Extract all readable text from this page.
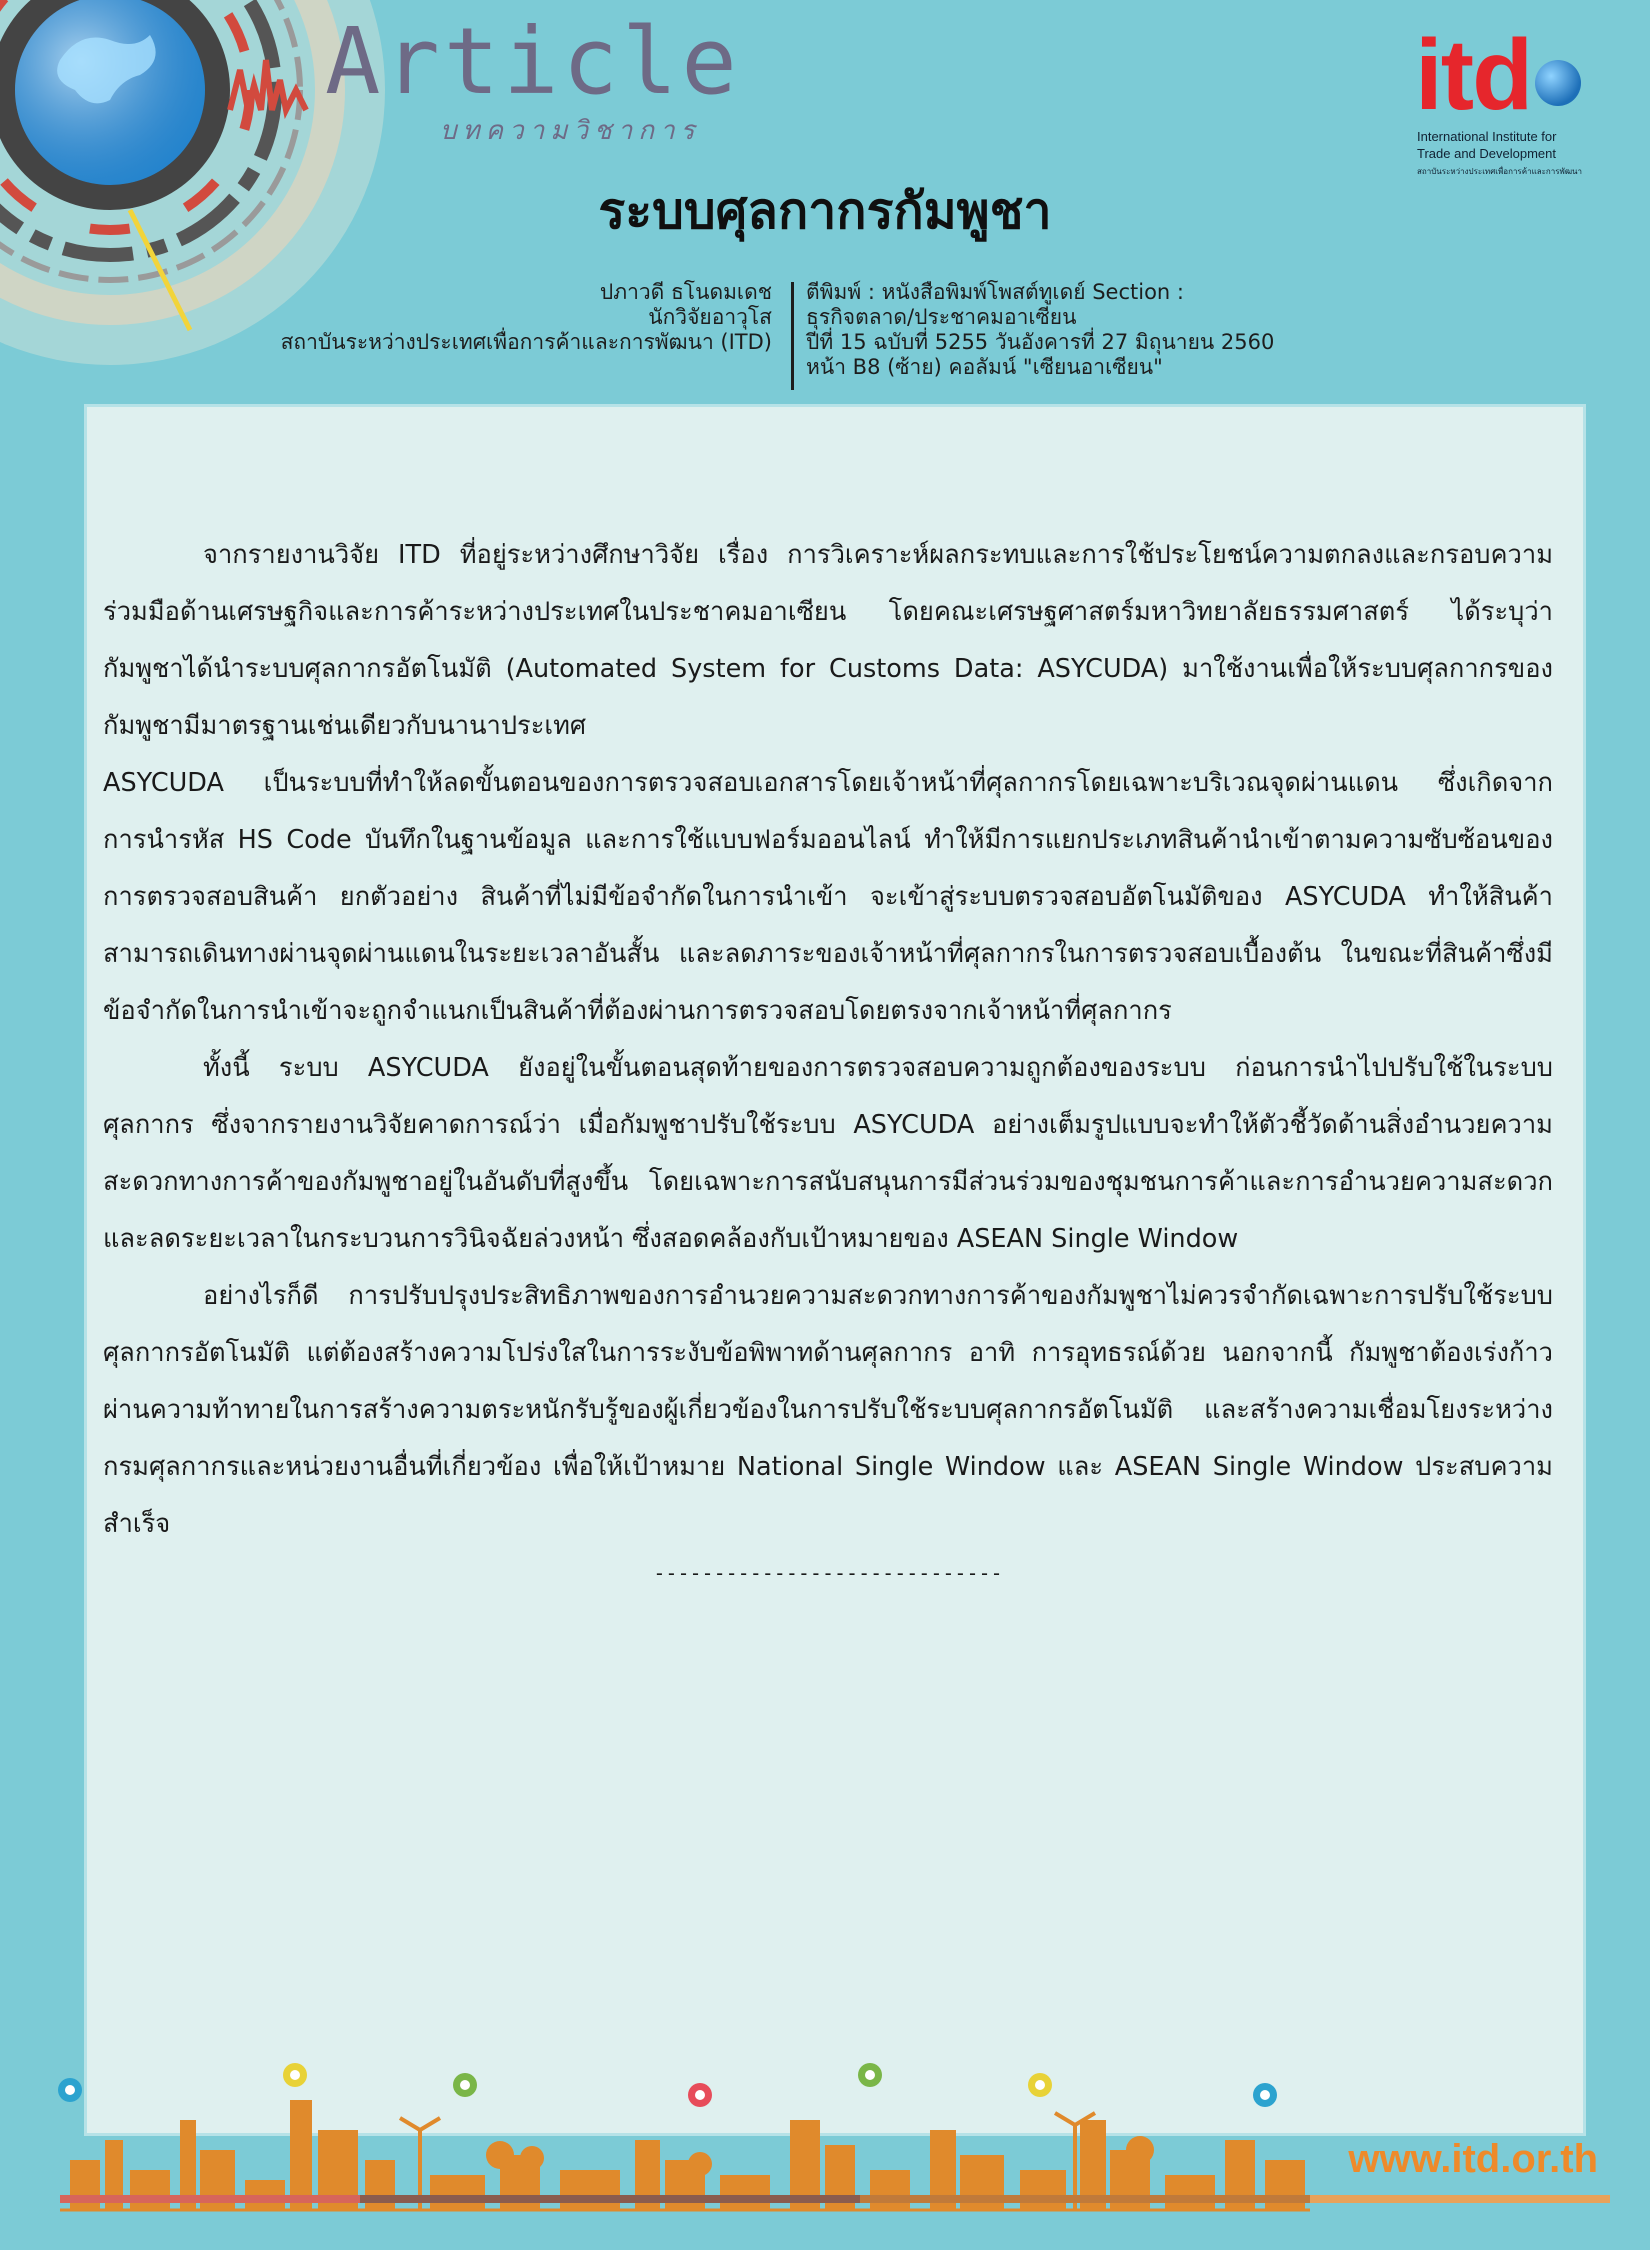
Article
บทความวิชาการ	itd
International Institute for
Trade and Development
สถาบันระหว่างประเทศเพื่อการค้าและการพัฒนา
ระบบศุลกากรกัมพูชา
ปภาวดี ธโนดมเดช
นักวิจัยอาวุโส
สถาบันระหว่างประเทศเพื่อการค้าและการพัฒนา (ITD)
ตีพิมพ์ : หนังสือพิมพ์โพสต์ทูเดย์ Section :
ธุรกิจตลาด/ประชาคมอาเซียน
ปีที่ 15 ฉบับที่ 5255 วันอังคารที่ 27 มิถุนายน 2560
หน้า B8 (ซ้าย) คอลัมน์ "เซียนอาเซียน"

จากรายงานวิจัย ITD ที่อยู่ระหว่างศึกษาวิจัย เรื่อง การวิเคราะห์ผลกระทบและการใช้ประโยชน์ความตกลงและกรอบความร่วมมือด้านเศรษฐกิจและการค้าระหว่างประเทศในประชาคมอาเซียน โดยคณะเศรษฐศาสตร์มหาวิทยาลัยธรรมศาสตร์ ได้ระบุว่า กัมพูชาได้นำระบบศุลกากรอัตโนมัติ (Automated System for Customs Data: ASYCUDA) มาใช้งานเพื่อให้ระบบศุลกากรของกัมพูชามีมาตรฐานเช่นเดียวกับนานาประเทศ

ASYCUDA เป็นระบบที่ทำให้ลดขั้นตอนของการตรวจสอบเอกสารโดยเจ้าหน้าที่ศุลกากรโดยเฉพาะบริเวณจุดผ่านแดน ซึ่งเกิดจากการนำรหัส HS Code บันทึกในฐานข้อมูล และการใช้แบบฟอร์มออนไลน์ ทำให้มีการแยกประเภทสินค้านำเข้าตามความซับซ้อนของการตรวจสอบสินค้า ยกตัวอย่าง สินค้าที่ไม่มีข้อจำกัดในการนำเข้า จะเข้าสู่ระบบตรวจสอบอัตโนมัติของ ASYCUDA ทำให้สินค้าสามารถเดินทางผ่านจุดผ่านแดนในระยะเวลาอันสั้น และลดภาระของเจ้าหน้าที่ศุลกากรในการตรวจสอบเบื้องต้น ในขณะที่สินค้าซึ่งมีข้อจำกัดในการนำเข้าจะถูกจำแนกเป็นสินค้าที่ต้องผ่านการตรวจสอบโดยตรงจากเจ้าหน้าที่ศุลกากร

ทั้งนี้ ระบบ ASYCUDA ยังอยู่ในขั้นตอนสุดท้ายของการตรวจสอบความถูกต้องของระบบ ก่อนการนำไปปรับใช้ในระบบศุลกากร ซึ่งจากรายงานวิจัยคาดการณ์ว่า เมื่อกัมพูชาปรับใช้ระบบ ASYCUDA อย่างเต็มรูปแบบจะทำให้ตัวชี้วัดด้านสิ่งอำนวยความสะดวกทางการค้าของกัมพูชาอยู่ในอันดับที่สูงขึ้น โดยเฉพาะการสนับสนุนการมีส่วนร่วมของชุมชนการค้าและการอำนวยความสะดวกและลดระยะเวลาในกระบวนการวินิจฉัยล่วงหน้า ซึ่งสอดคล้องกับเป้าหมายของ ASEAN Single Window

อย่างไรก็ดี การปรับปรุงประสิทธิภาพของการอำนวยความสะดวกทางการค้าของกัมพูชาไม่ควรจำกัดเฉพาะการปรับใช้ระบบศุลกากรอัตโนมัติ แต่ต้องสร้างความโปร่งใสในการระงับข้อพิพาทด้านศุลกากร อาทิ การอุทธรณ์ด้วย นอกจากนี้ กัมพูชาต้องเร่งก้าวผ่านความท้าทายในการสร้างความตระหนักรับรู้ของผู้เกี่ยวข้องในการปรับใช้ระบบศุลกากรอัตโนมัติ และสร้างความเชื่อมโยงระหว่างกรมศุลกากรและหน่วยงานอื่นที่เกี่ยวข้อง เพื่อให้เป้าหมาย National Single Window และ ASEAN Single Window ประสบความสำเร็จ

-----------------------------
www.itd.or.th
